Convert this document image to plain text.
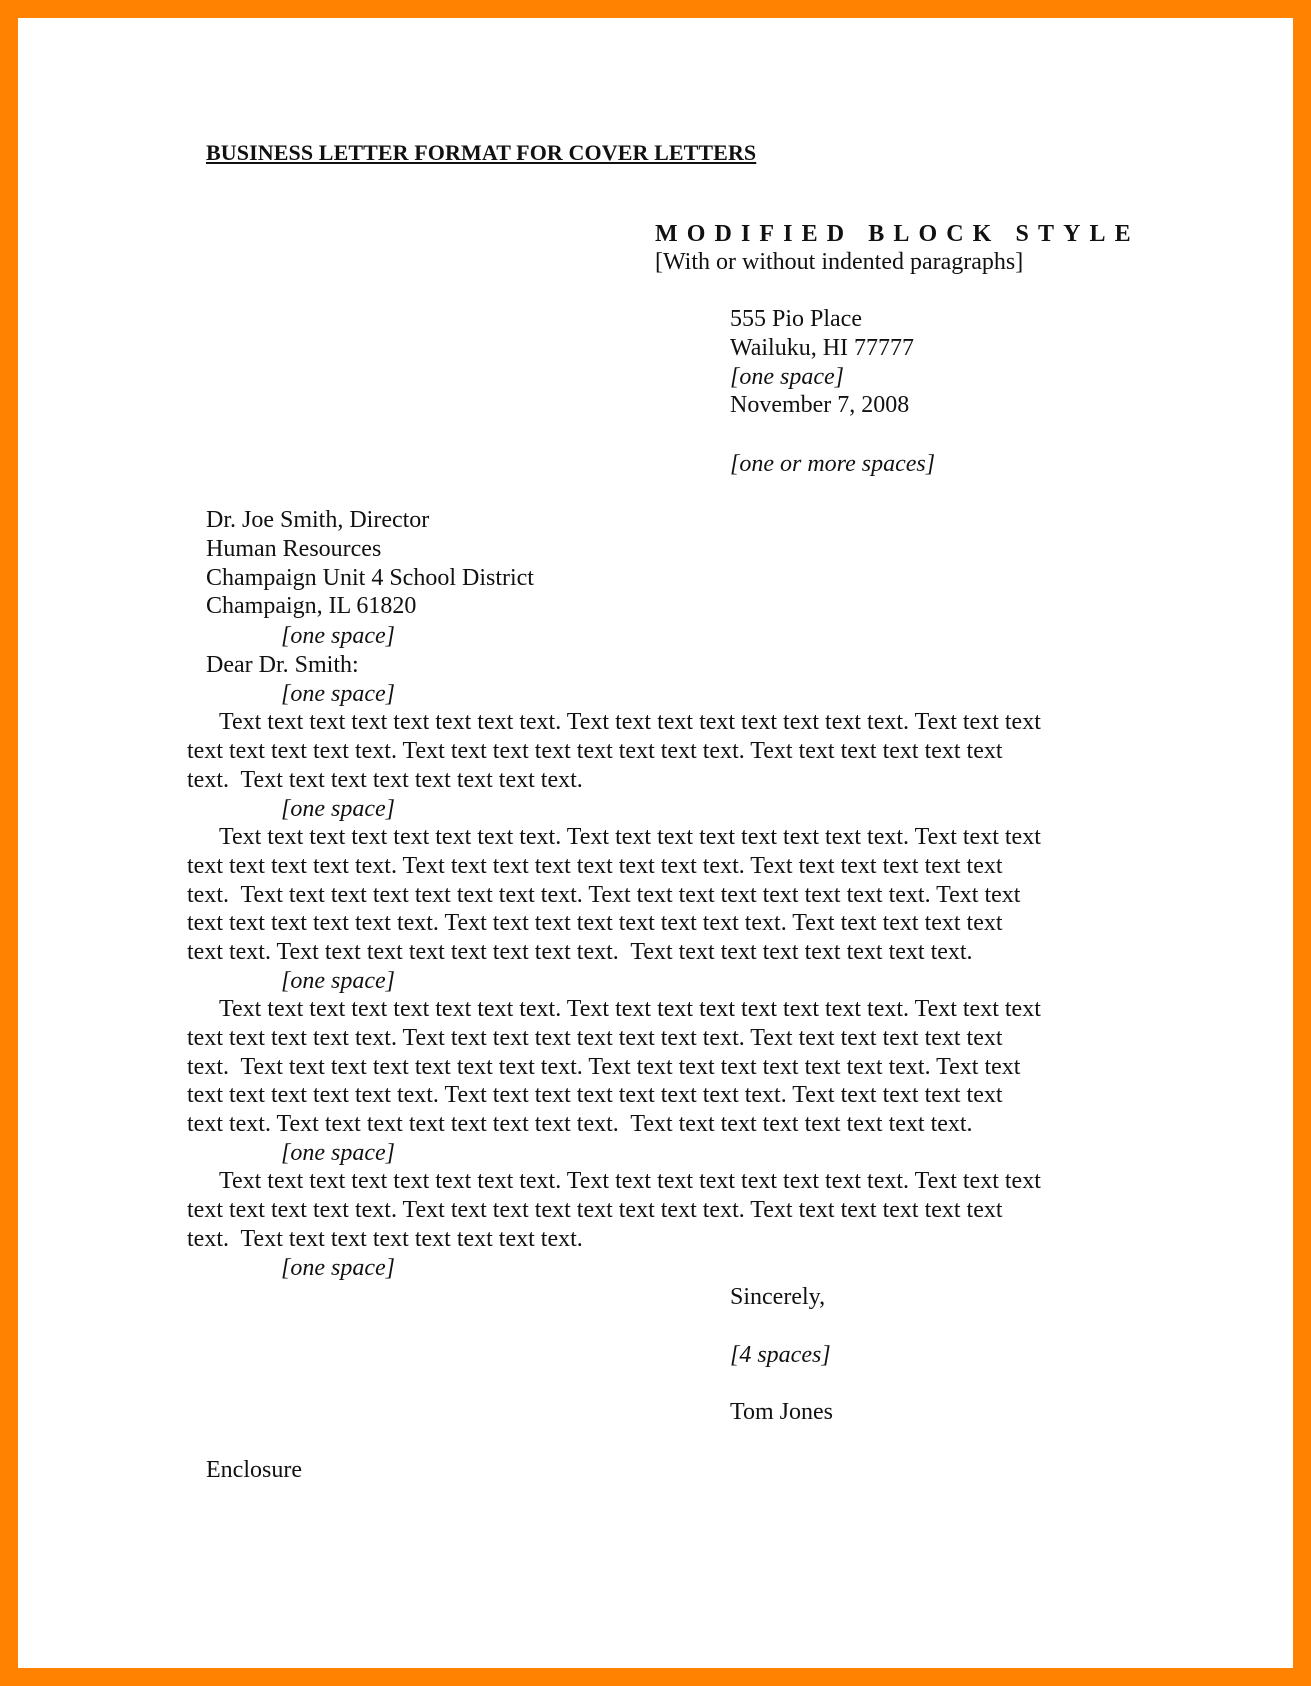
BUSINESS LETTER FORMAT FOR COVER LETTERS
MODIFIED BLOCK STYLE
[With or without indented paragraphs]
555 Pio Place
Wailuku, HI 77777
[one space]
November 7, 2008
[one or more spaces]
Dr. Joe Smith, Director
Human Resources
Champaign Unit 4 School District
Champaign, IL 61820
[one space]
Dear Dr. Smith:
[one space]
Text text text text text text text text. Text text text text text text text text. Text text text
text text text text text. Text text text text text text text text. Text text text text text text
text.  Text text text text text text text text.
[one space]
Text text text text text text text text. Text text text text text text text text. Text text text
text text text text text. Text text text text text text text text. Text text text text text text
text.  Text text text text text text text text. Text text text text text text text text. Text text
text text text text text text. Text text text text text text text text. Text text text text text
text text. Text text text text text text text text.  Text text text text text text text text.
[one space]
Text text text text text text text text. Text text text text text text text text. Text text text
text text text text text. Text text text text text text text text. Text text text text text text
text.  Text text text text text text text text. Text text text text text text text text. Text text
text text text text text text. Text text text text text text text text. Text text text text text
text text. Text text text text text text text text.  Text text text text text text text text.
[one space]
Text text text text text text text text. Text text text text text text text text. Text text text
text text text text text. Text text text text text text text text. Text text text text text text
text.  Text text text text text text text text.
[one space]
Sincerely,
[4 spaces]
Tom Jones
Enclosure
